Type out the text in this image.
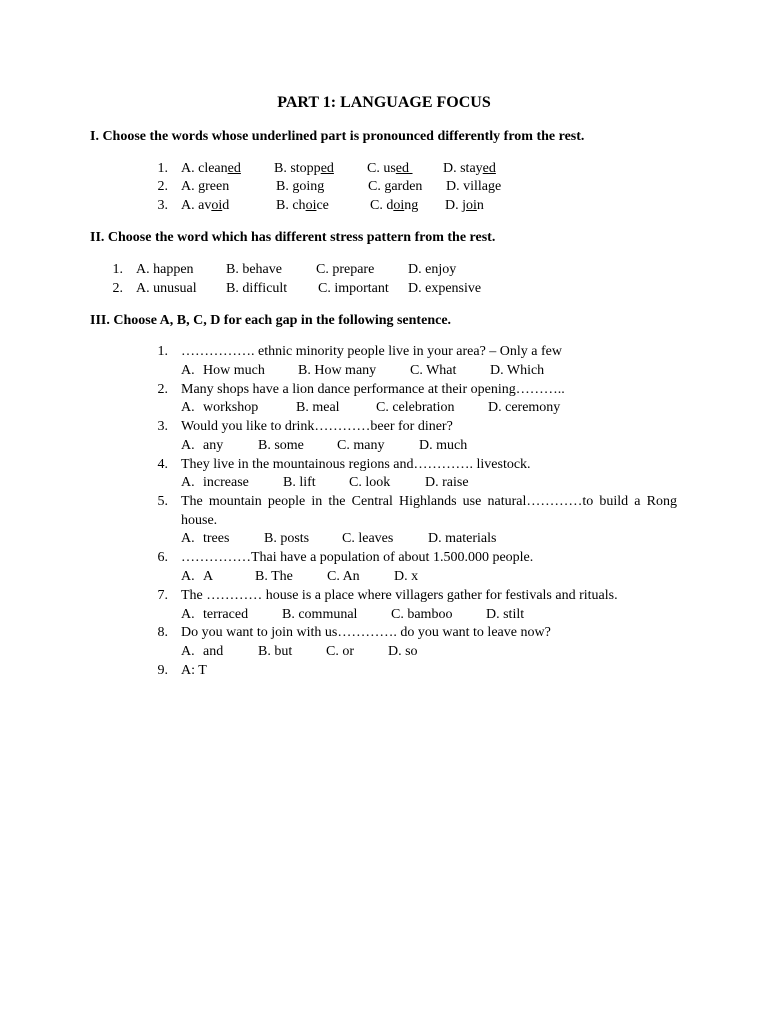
PART 1: LANGUAGE FOCUS
I. Choose the words whose underlined part is pronounced differently from the rest.
1. A. cleaned B. stopped C. used D. stayed
2. A. green	B. going	C. garden D. village
3. A. avoid	B. choice	C. doing D. join
II. Choose the word which has different stress pattern from the rest.
1. A. happen B. behave C. prepare D. enjoy
2. A. unusual B. difficult C. important D. expensive
III. Choose A, B, C, D for each gap in the following sentence.
1. ……………. ethnic minority people live in your area? – Only a few
A. How much B. How many C. What D. Which
2. Many shops have a lion dance performance at their opening………..
A. workshop	B. meal	C. celebration D. ceremony
3. Would you like to drink…………beer for diner?
A. any B. some C. many D. much
4. They live in the mountainous regions and…………. livestock.
A. increase B. lift C. look D. raise
5. The mountain people in the Central Highlands use natural…………to build a Rong
house.
A. trees B. posts C. leaves D. materials
6. ……………Thai have a population of about 1.500.000 people.
A. A	B. The C. An D. x
7. The ………… house is a place where villagers gather for festivals and rituals.
A. terraced B. communal C. bamboo D. stilt
8. Do you want to join with us…………. do you want to leave now?
A. and B. but C. or D. so
9. A: T
